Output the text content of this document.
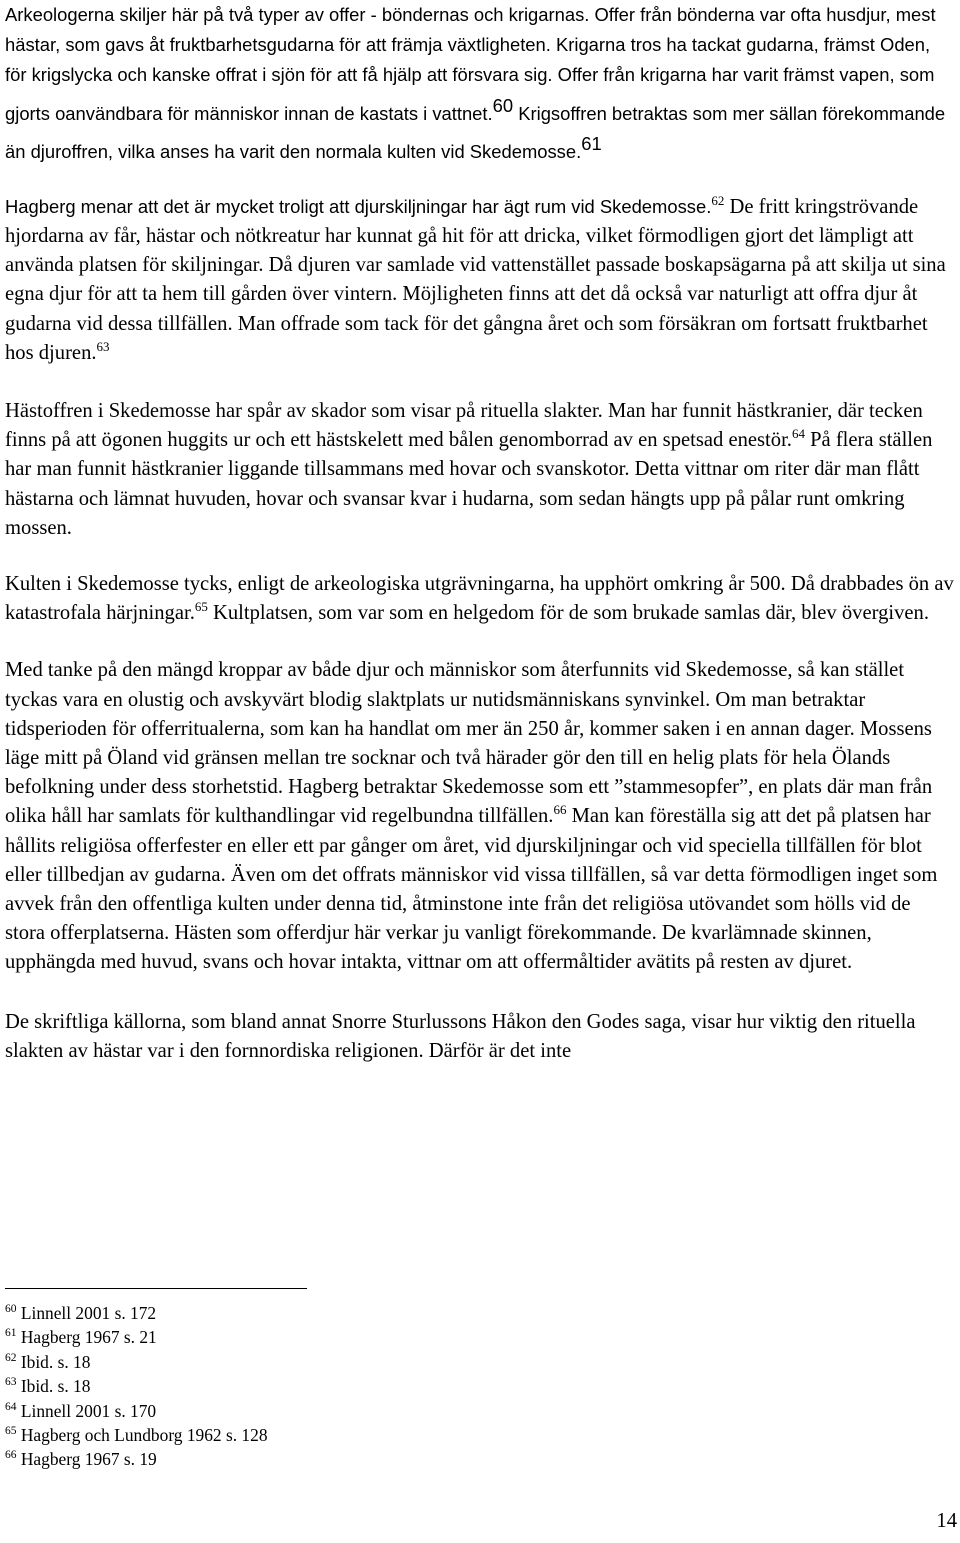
Arkeologerna skiljer här på två typer av offer - böndernas och krigarnas. Offer från bönderna var ofta husdjur, mest hästar, som gavs åt fruktbarhetsgudarna för att främja växtligheten. Krigarna tros ha tackat gudarna, främst Oden, för krigslycka och kanske offrat i sjön för att få hjälp att försvara sig. Offer från krigarna har varit främst vapen, som gjorts oanvändbara för människor innan de kastats i vattnet.$^{60}$ Krigsoffren betraktas som mer sällan förekommande än djuroffren, vilka anses ha varit den normala kulten vid Skedemosse.$^{61}$

Hagberg menar att det är mycket troligt att djurskiljningar har ägt rum vid Skedemosse.$^{62}$ De fritt kringströvande hjordarna av får, hästar och nötkreatur har kunnat gå hit för att dricka, vilket förmodligen gjort det lämpligt att använda platsen för skiljningar. Då djuren var samlade vid vattenstället passade boskapsägarna på att skilja ut sina egna djur för att ta hem till gården över vintern. Möjligheten finns att det då också var naturligt att offra djur åt gudarna vid dessa tillfällen. Man offrade som tack för det gångna året och som försäkran om fortsatt fruktbarhet hos djuren.$^{63}$

Hästoffren i Skedemosse har spår av skador som visar på rituella slakter. Man har funnit hästkranier, där tecken finns på att ögonen huggits ur och ett hästskelett med bålen genomborrad av en spetsad enestör.$^{64}$ På flera ställen har man funnit hästkranier liggande tillsammans med hovar och svanskotor. Detta vittnar om riter där man flått hästarna och lämnat huvuden, hovar och svansar kvar i hudarna, som sedan hängts upp på pålar runt omkring mossen.

Kulten i Skedemosse tycks, enligt de arkeologiska utgrävningarna, ha upphört omkring år 500. Då drabbades ön av katastrofala härjningar.$^{65}$ Kultplatsen, som var som en helgedom för de som brukade samlas där, blev övergiven.

Med tanke på den mängd kroppar av både djur och människor som återfunnits vid Skedemosse, så kan stället tyckas vara en olustig och avskyvärt blodig slaktplats ur nutidsmänniskans synvinkel. Om man betraktar tidsperioden för offerritualerna, som kan ha handlat om mer än 250 år, kommer saken i en annan dager. Mossens läge mitt på Öland vid gränsen mellan tre socknar och två härader gör den till en helig plats för hela Ölands befolkning under dess storhetstid. Hagberg betraktar Skedemosse som ett ”stammesopfer”, en plats där man från olika håll har samlats för kulthandlingar vid regelbundna tillfällen.$^{66}$ Man kan föreställa sig att det på platsen har hållits religiösa offerfester en eller ett par gånger om året, vid djurskiljningar och vid speciella tillfällen för blot eller tillbedjan av gudarna. Även om det offrats människor vid vissa tillfällen, så var detta förmodligen inget som avvek från den offentliga kulten under denna tid, åtminstone inte från det religiösa utövandet som hölls vid de stora offerplatserna. Hästen som offerdjur här verkar ju vanligt förekommande. De kvarlämnade skinnen, upphängda med huvud, svans och hovar intakta, vittnar om att offermåltider avätits på resten av djuret.

De skriftliga källorna, som bland annat Snorre Sturlussons Håkon den Godes saga, visar hur viktig den rituella slakten av hästar var i den fornnordiska religionen. Därför är det inte

$^{60}$ Linnell 2001 s. 172
$^{61}$ Hagberg 1967 s. 21
$^{62}$ Ibid. s. 18
$^{63}$ Ibid. s. 18
$^{64}$ Linnell 2001 s. 170
$^{65}$ Hagberg och Lundborg 1962 s. 128
$^{66}$ Hagberg 1967 s. 19
14
